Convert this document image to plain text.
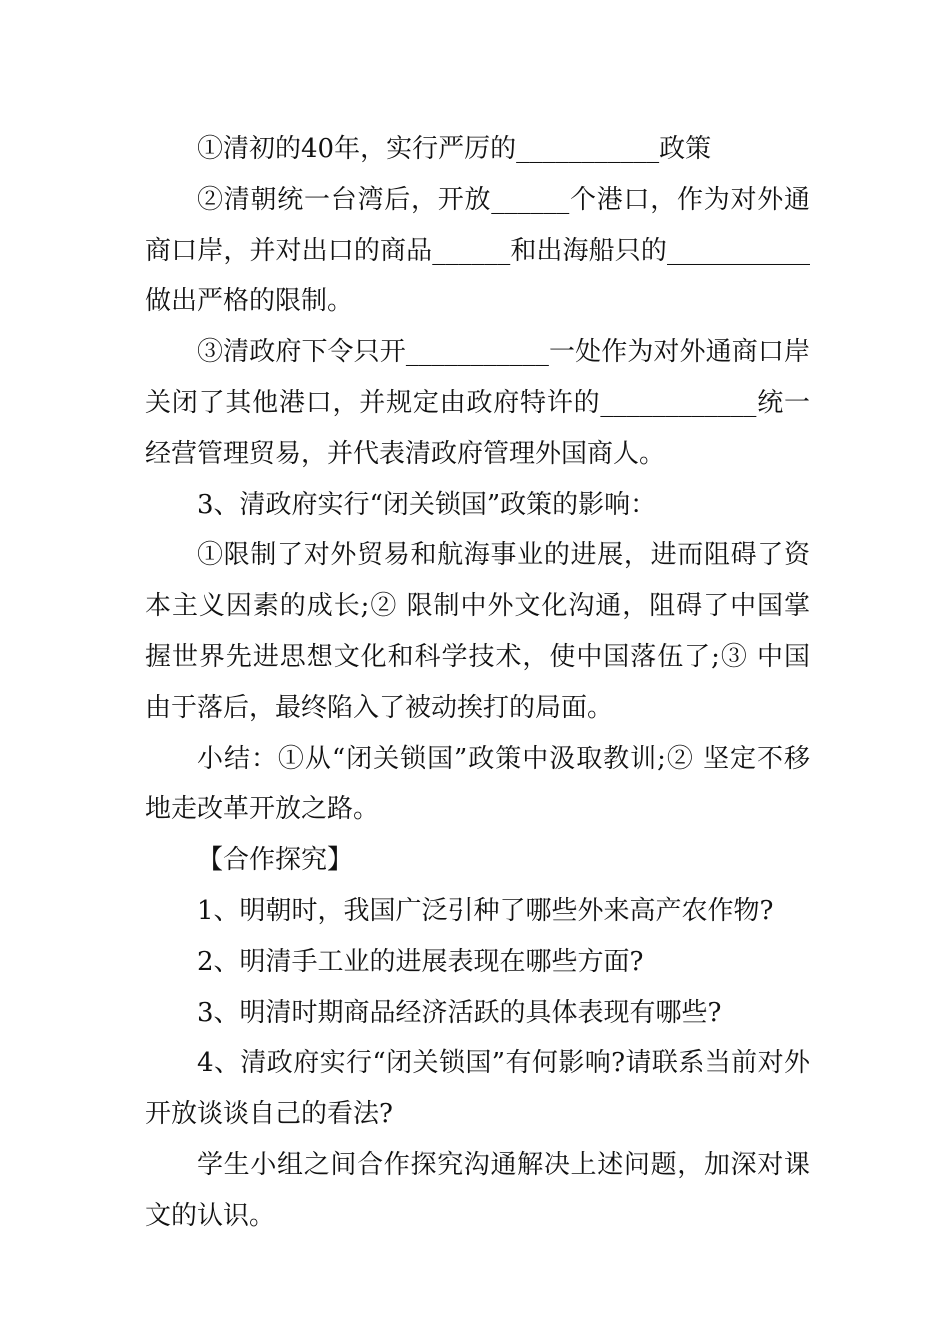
①清初的40年，实行严厉的___________政策

②清朝统一台湾后，开放______个港口，作为对外通商口岸，并对出口的商品______和出海船只的___________做出严格的限制。

③清政府下令只开___________一处作为对外通商口岸关闭了其他港口，并规定由政府特许的____________统一经营管理贸易，并代表清政府管理外国商人。

3、清政府实行“闭关锁国”政策的影响：

①限制了对外贸易和航海事业的进展，进而阻碍了资本主义因素的成长;② 限制中外文化沟通，阻碍了中国掌握世界先进思想文化和科学技术，使中国落伍了;③ 中国由于落后，最终陷入了被动挨打的局面。

小结：①从“闭关锁国”政策中汲取教训;② 坚定不移地走改革开放之路。

【合作探究】

1、明朝时，我国广泛引种了哪些外来高产农作物?

2、明清手工业的进展表现在哪些方面?

3、明清时期商品经济活跃的具体表现有哪些?

4、清政府实行“闭关锁国”有何影响?请联系当前对外开放谈谈自己的看法?

学生小组之间合作探究沟通解决上述问题，加深对课文的认识。
